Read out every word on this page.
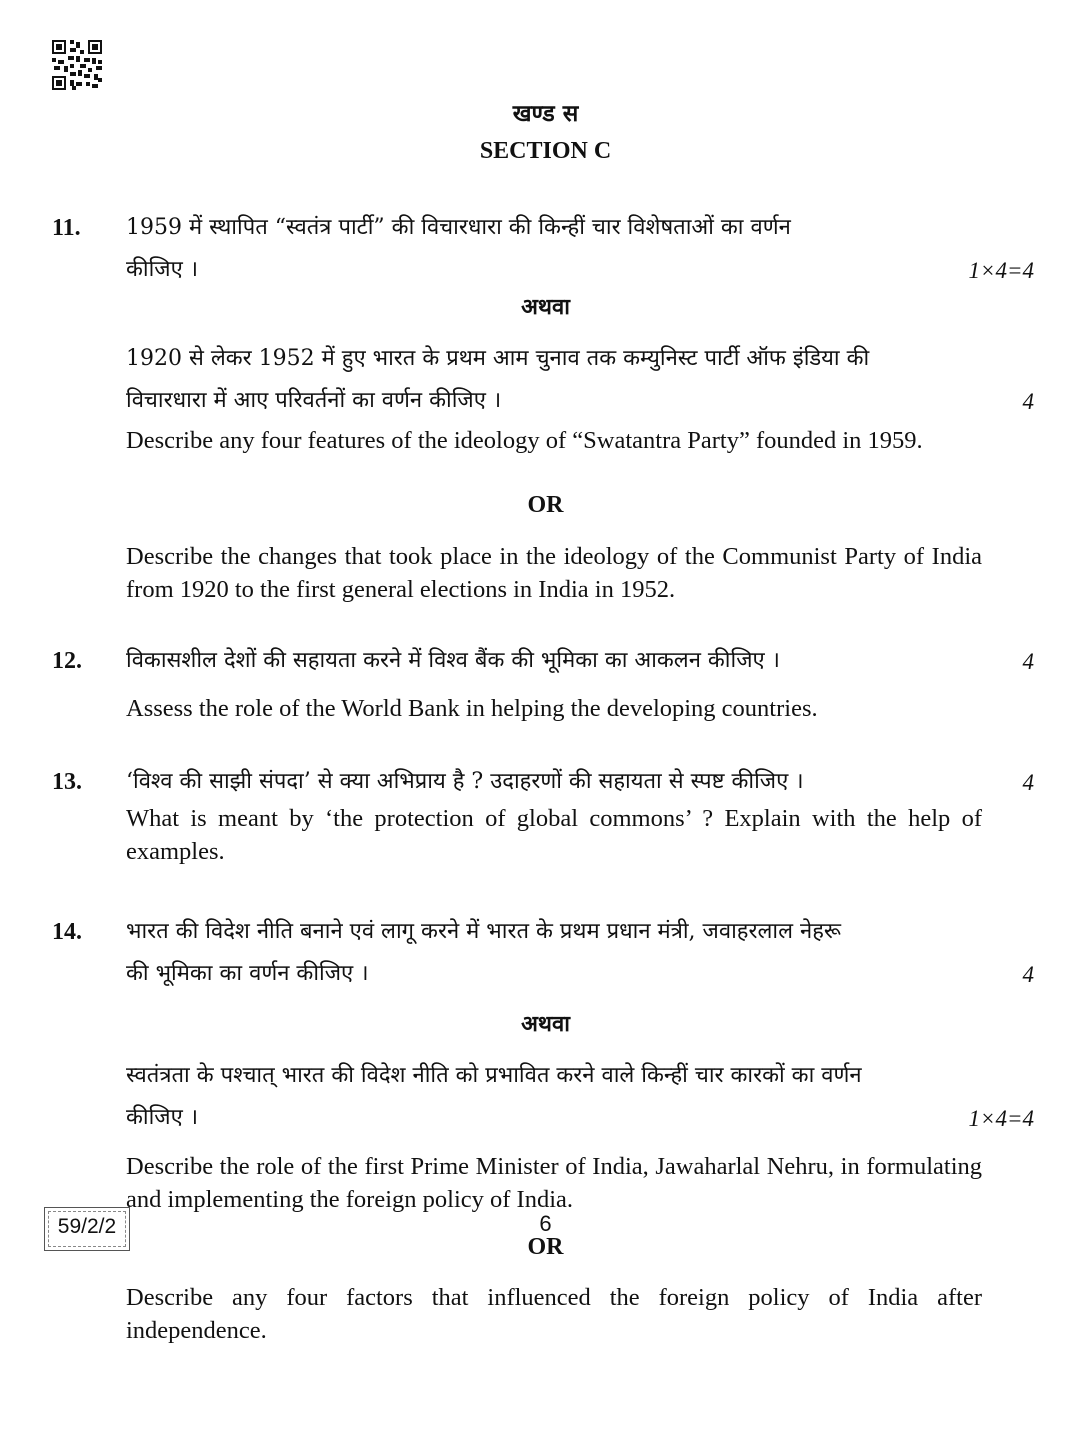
खण्ड स
SECTION C
11. 1959 में स्थापित “स्वतंत्र पार्टी” की विचारधारा की किन्हीं चार विशेषताओं का वर्णन
कीजिए ।	1×4=4
अथवा
1920 से लेकर 1952 में हुए भारत के प्रथम आम चुनाव तक कम्युनिस्ट पार्टी ऑफ इंडिया की
विचारधारा में आए परिवर्तनों का वर्णन कीजिए ।	4
Describe any four features of the ideology of “Swatantra Party” founded in 1959.
OR
Describe the changes that took place in the ideology of the Communist Party of India from 1920 to the first general elections in India in 1952.
12. विकासशील देशों की सहायता करने में विश्व बैंक की भूमिका का आकलन कीजिए ।	4
Assess the role of the World Bank in helping the developing countries.
13. ‘विश्व की साझी संपदा’ से क्या अभिप्राय है ? उदाहरणों की सहायता से स्पष्ट कीजिए ।	4
What is meant by ‘the protection of global commons’ ? Explain with the help of examples.
14. भारत की विदेश नीति बनाने एवं लागू करने में भारत के प्रथम प्रधान मंत्री, जवाहरलाल नेहरू
की भूमिका का वर्णन कीजिए ।	4
अथवा
स्वतंत्रता के पश्चात् भारत की विदेश नीति को प्रभावित करने वाले किन्हीं चार कारकों का वर्णन
कीजिए ।	1×4=4
Describe the role of the first Prime Minister of India, Jawaharlal Nehru, in formulating and implementing the foreign policy of India.
OR
Describe any four factors that influenced the foreign policy of India after independence.
59/2/2	6
